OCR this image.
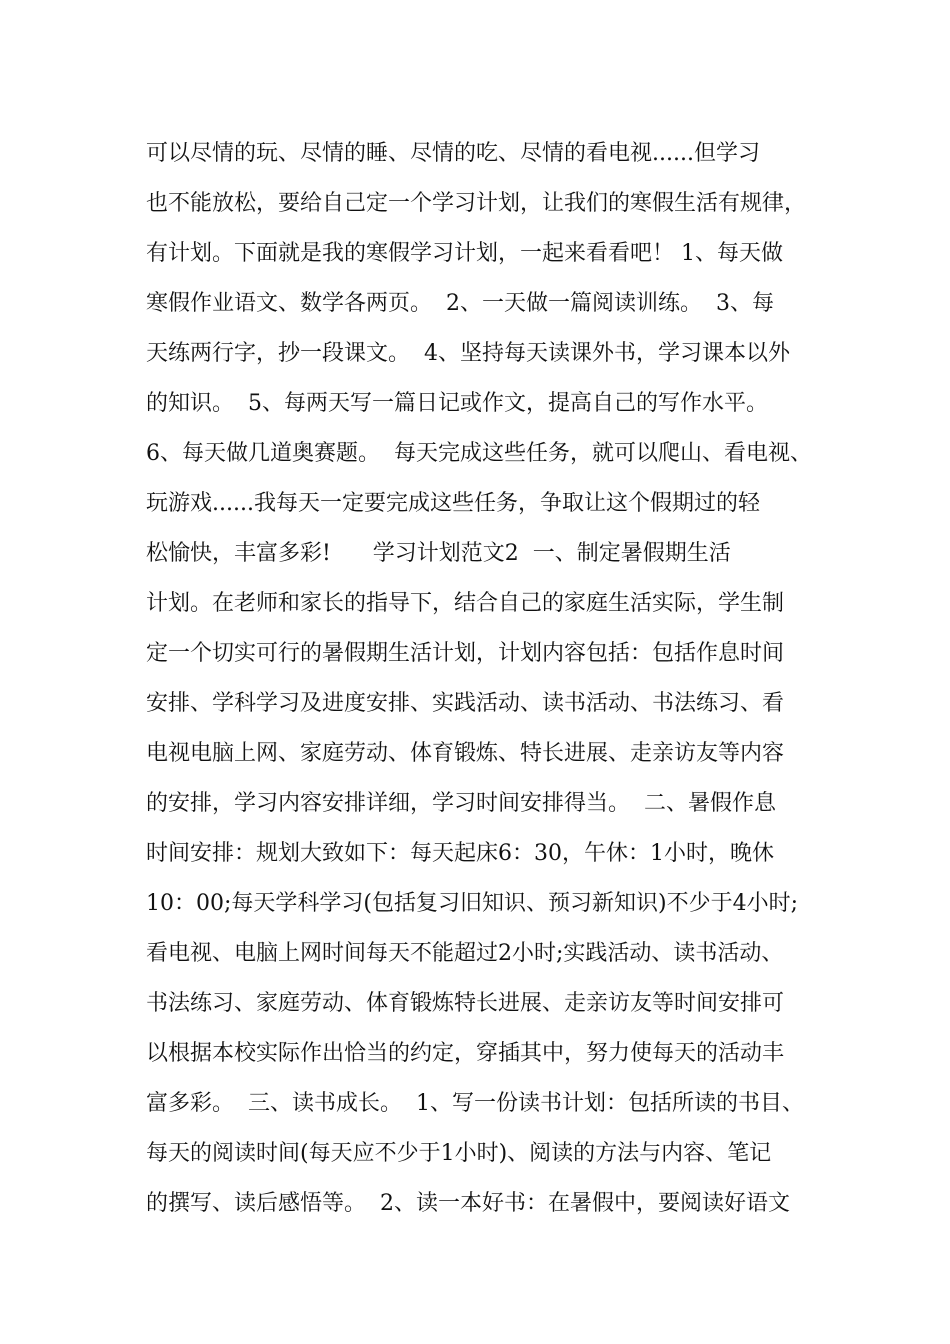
可以尽情的玩、尽情的睡、尽情的吃、尽情的看电视......但学习
也不能放松，要给自己定一个学习计划，让我们的寒假生活有规律，
有计划。下面就是我的寒假学习计划，一起来看看吧！ 1、每天做
寒假作业语文、数学各两页。  2、一天做一篇阅读训练。  3、每
天练两行字，抄一段课文。  4、坚持每天读课外书，学习课本以外
的知识。  5、每两天写一篇日记或作文，提高自己的写作水平。
6、每天做几道奥赛题。  每天完成这些任务，就可以爬山、看电视、
玩游戏......我每天一定要完成这些任务，争取让这个假期过的轻
松愉快，丰富多彩!      学习计划范文2  一、制定暑假期生活
计划。在老师和家长的指导下，结合自己的家庭生活实际，学生制
定一个切实可行的暑假期生活计划，计划内容包括：包括作息时间
安排、学科学习及进度安排、实践活动、读书活动、书法练习、看
电视电脑上网、家庭劳动、体育锻炼、特长进展、走亲访友等内容
的安排，学习内容安排详细，学习时间安排得当。  二、暑假作息
时间安排：规划大致如下：每天起床6：30，午休：1小时，晚休
10：00;每天学科学习(包括复习旧知识、预习新知识)不少于4小时;
看电视、电脑上网时间每天不能超过2小时;实践活动、读书活动、
书法练习、家庭劳动、体育锻炼特长进展、走亲访友等时间安排可
以根据本校实际作出恰当的约定，穿插其中，努力使每天的活动丰
富多彩。  三、读书成长。  1、写一份读书计划：包括所读的书目、
每天的阅读时间(每天应不少于1小时)、阅读的方法与内容、笔记
的撰写、读后感悟等。  2、读一本好书：在暑假中，要阅读好语文
